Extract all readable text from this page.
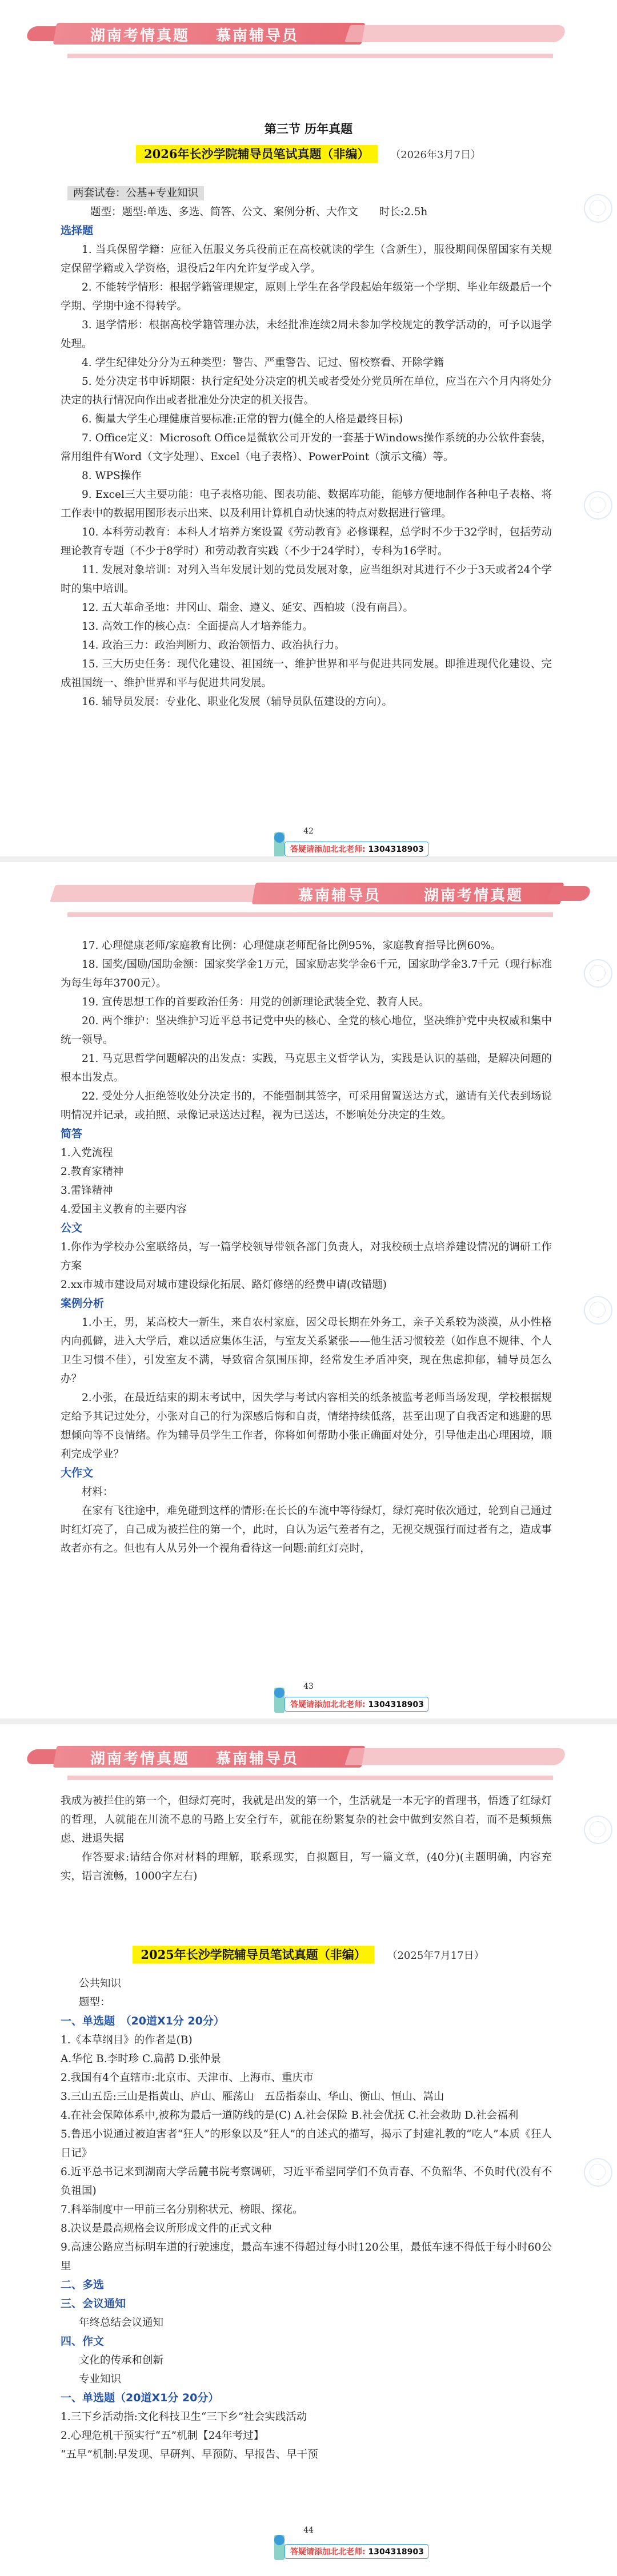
湖南考情真题 慕南辅导员
第三节 历年真题
2026年长沙学院辅导员笔试真题（非编） （2026年3月7日）

两套试卷：公基+专业知识

题型：题型:单选、多选、简答、公文、案例分析、大作文　　时长:2.5h

选择题

1. 当兵保留学籍：应征入伍服义务兵役前正在高校就读的学生（含新生），服役期间保留国家有关规定保留学籍或入学资格，退役后2年内允许复学或入学。

2. 不能转学情形：根据学籍管理规定，原则上学生在各学段起始年级第一个学期、毕业年级最后一个学期、学期中途不得转学。

3. 退学情形：根据高校学籍管理办法，未经批准连续2周未参加学校规定的教学活动的，可予以退学处理。

4. 学生纪律处分分为五种类型：警告、严重警告、记过、留校察看、开除学籍

5. 处分决定书申诉期限：执行定纪处分决定的机关或者受处分党员所在单位，应当在六个月内将处分决定的执行情况向作出或者批准处分决定的机关报告。

6. 衡量大学生心理健康首要标准:正常的智力(健全的人格是最终目标)

7. Office定义：Microsoft Office是微软公司开发的一套基于Windows操作系统的办公软件套装，常用组件有Word（文字处理）、Excel（电子表格）、PowerPoint（演示文稿）等。

8. WPS操作

9. Excel三大主要功能：电子表格功能、图表功能、数据库功能，能够方便地制作各种电子表格、将工作表中的数据用图形表示出来、以及利用计算机自动快速的特点对数据进行管理。

10. 本科劳动教育：本科人才培养方案设置《劳动教育》必修课程，总学时不少于32学时，包括劳动理论教育专题（不少于8学时）和劳动教育实践（不少于24学时），专科为16学时。

11. 发展对象培训：对列入当年发展计划的党员发展对象，应当组织对其进行不少于3天或者24个学时的集中培训。

12. 五大革命圣地：井冈山、瑞金、遵义、延安、西柏坡（没有南昌）。

13. 高效工作的核心点：全面提高人才培养能力。

14. 政治三力：政治判断力、政治领悟力、政治执行力。

15. 三大历史任务：现代化建设、祖国统一、维护世界和平与促进共同发展。即推进现代化建设、完成祖国统一、维护世界和平与促进共同发展。

16. 辅导员发展：专业化、职业化发展（辅导员队伍建设的方向）。

42
答疑请添加北北老师: 1304318903
慕南辅导员	湖南考情真题

17. 心理健康老师/家庭教育比例：心理健康老师配备比例95%，家庭教育指导比例60%。

18. 国奖/国励/国助金额：国家奖学金1万元，国家励志奖学金6千元，国家助学金3.7千元（现行标准为每生每年3700元）。

19. 宣传思想工作的首要政治任务：用党的创新理论武装全党、教育人民。

20. 两个维护：坚决维护习近平总书记党中央的核心、全党的核心地位，坚决维护党中央权威和集中统一领导。

21. 马克思哲学问题解决的出发点：实践，马克思主义哲学认为，实践是认识的基础，是解决问题的根本出发点。

22. 受处分人拒绝签收处分决定书的，不能强制其签字，可采用留置送达方式，邀请有关代表到场说明情况并记录，或拍照、录像记录送达过程，视为已送达，不影响处分决定的生效。

简答

1.入党流程

2.教育家精神

3.雷锋精神

4.爱国主义教育的主要内容

公文

1.你作为学校办公室联络员，写一篇学校领导带领各部门负责人，对我校硕士点培养建设情况的调研工作方案

2.xx市城市建设局对城市建设绿化拓展、路灯修缮的经费申请(改错题)

案例分析

1.小王，男，某高校大一新生，来自农村家庭，因父母长期在外务工，亲子关系较为淡漠，从小性格内向孤僻，进入大学后，难以适应集体生活，与室友关系紧张——他生活习惯较差（如作息不规律、个人卫生习惯不佳），引发室友不满，导致宿舍氛围压抑，经常发生矛盾冲突，现在焦虑抑郁，辅导员怎么办？

2.小张，在最近结束的期末考试中，因失学与考试内容相关的纸条被监考老师当场发现，学校根据规定给予其记过处分，小张对自己的行为深感后悔和自责，情绪持续低落，甚至出现了自我否定和逃避的思想倾向等不良情绪。作为辅导员学生工作者，你将如何帮助小张正确面对处分，引导他走出心理困境，顺利完成学业？

大作文

材料：

在家有飞往途中，难免碰到这样的情形:在长长的车流中等待绿灯，绿灯亮时依次通过，轮到自己通过时红灯亮了，自己成为被拦住的第一个，此时，自认为运气差者有之，无视交规强行而过者有之，造成事故者亦有之。但也有人从另外一个视角看待这一问题:前红灯亮时，

43
答疑请添加北北老师: 1304318903
湖南考情真题 慕南辅导员

我成为被拦住的第一个，但绿灯亮时，我就是出发的第一个，生活就是一本无字的哲理书，悟透了红绿灯的哲理，人就能在川流不息的马路上安全行车，就能在纷繁复杂的社会中做到安然自若，而不是频频焦虑、进退失据

作答要求:请结合你对材料的理解，联系现实，自拟题目，写一篇文章，(40分)(主题明确，内容充实，语言流畅，1000字左右)

2025年长沙学院辅导员笔试真题（非编） （2025年7月17日）

公共知识

题型：

一、单选题　（20道X1分 20分）

1.《本草纲目》的作者是(B)

A.华佗 B.李时珍 C.扁鹊 D.张仲景

2.我国有4个直辖市:北京市、天津市、上海市、重庆市

3.三山五岳:三山是指黄山、庐山、雁荡山　五岳指泰山、华山、衡山、恒山、嵩山

4.在社会保障体系中,被称为最后一道防线的是(C) A.社会保险 B.社会优抚 C.社会救助 D.社会福利

5.鲁迅小说通过被迫害者“狂人”的形象以及“狂人”的自述式的描写，揭示了封建礼教的“吃人”本质《狂人日记》

6.近平总书记来到湖南大学岳麓书院考察调研，习近平希望同学们不负青春、不负韶华、不负时代(没有不负祖国)

7.科举制度中一甲前三名分别称状元、榜眼、探花。

8.决议是最高规格会议所形成文件的正式文种

9.高速公路应当标明车道的行驶速度，最高车速不得超过每小时120公里，最低车速不得低于每小时60公里

二、多选

三、会议通知

年终总结会议通知

四、作文

文化的传承和创新

专业知识

一、单选题（20道X1分 20分）

1.三下乡活动指:文化科技卫生“三下乡”社会实践活动

2.心理危机干预实行“五”机制【24年考过】

“五早”机制:早发现、早研判、早预防、早报告、早干预

44
答疑请添加北北老师: 1304318903
